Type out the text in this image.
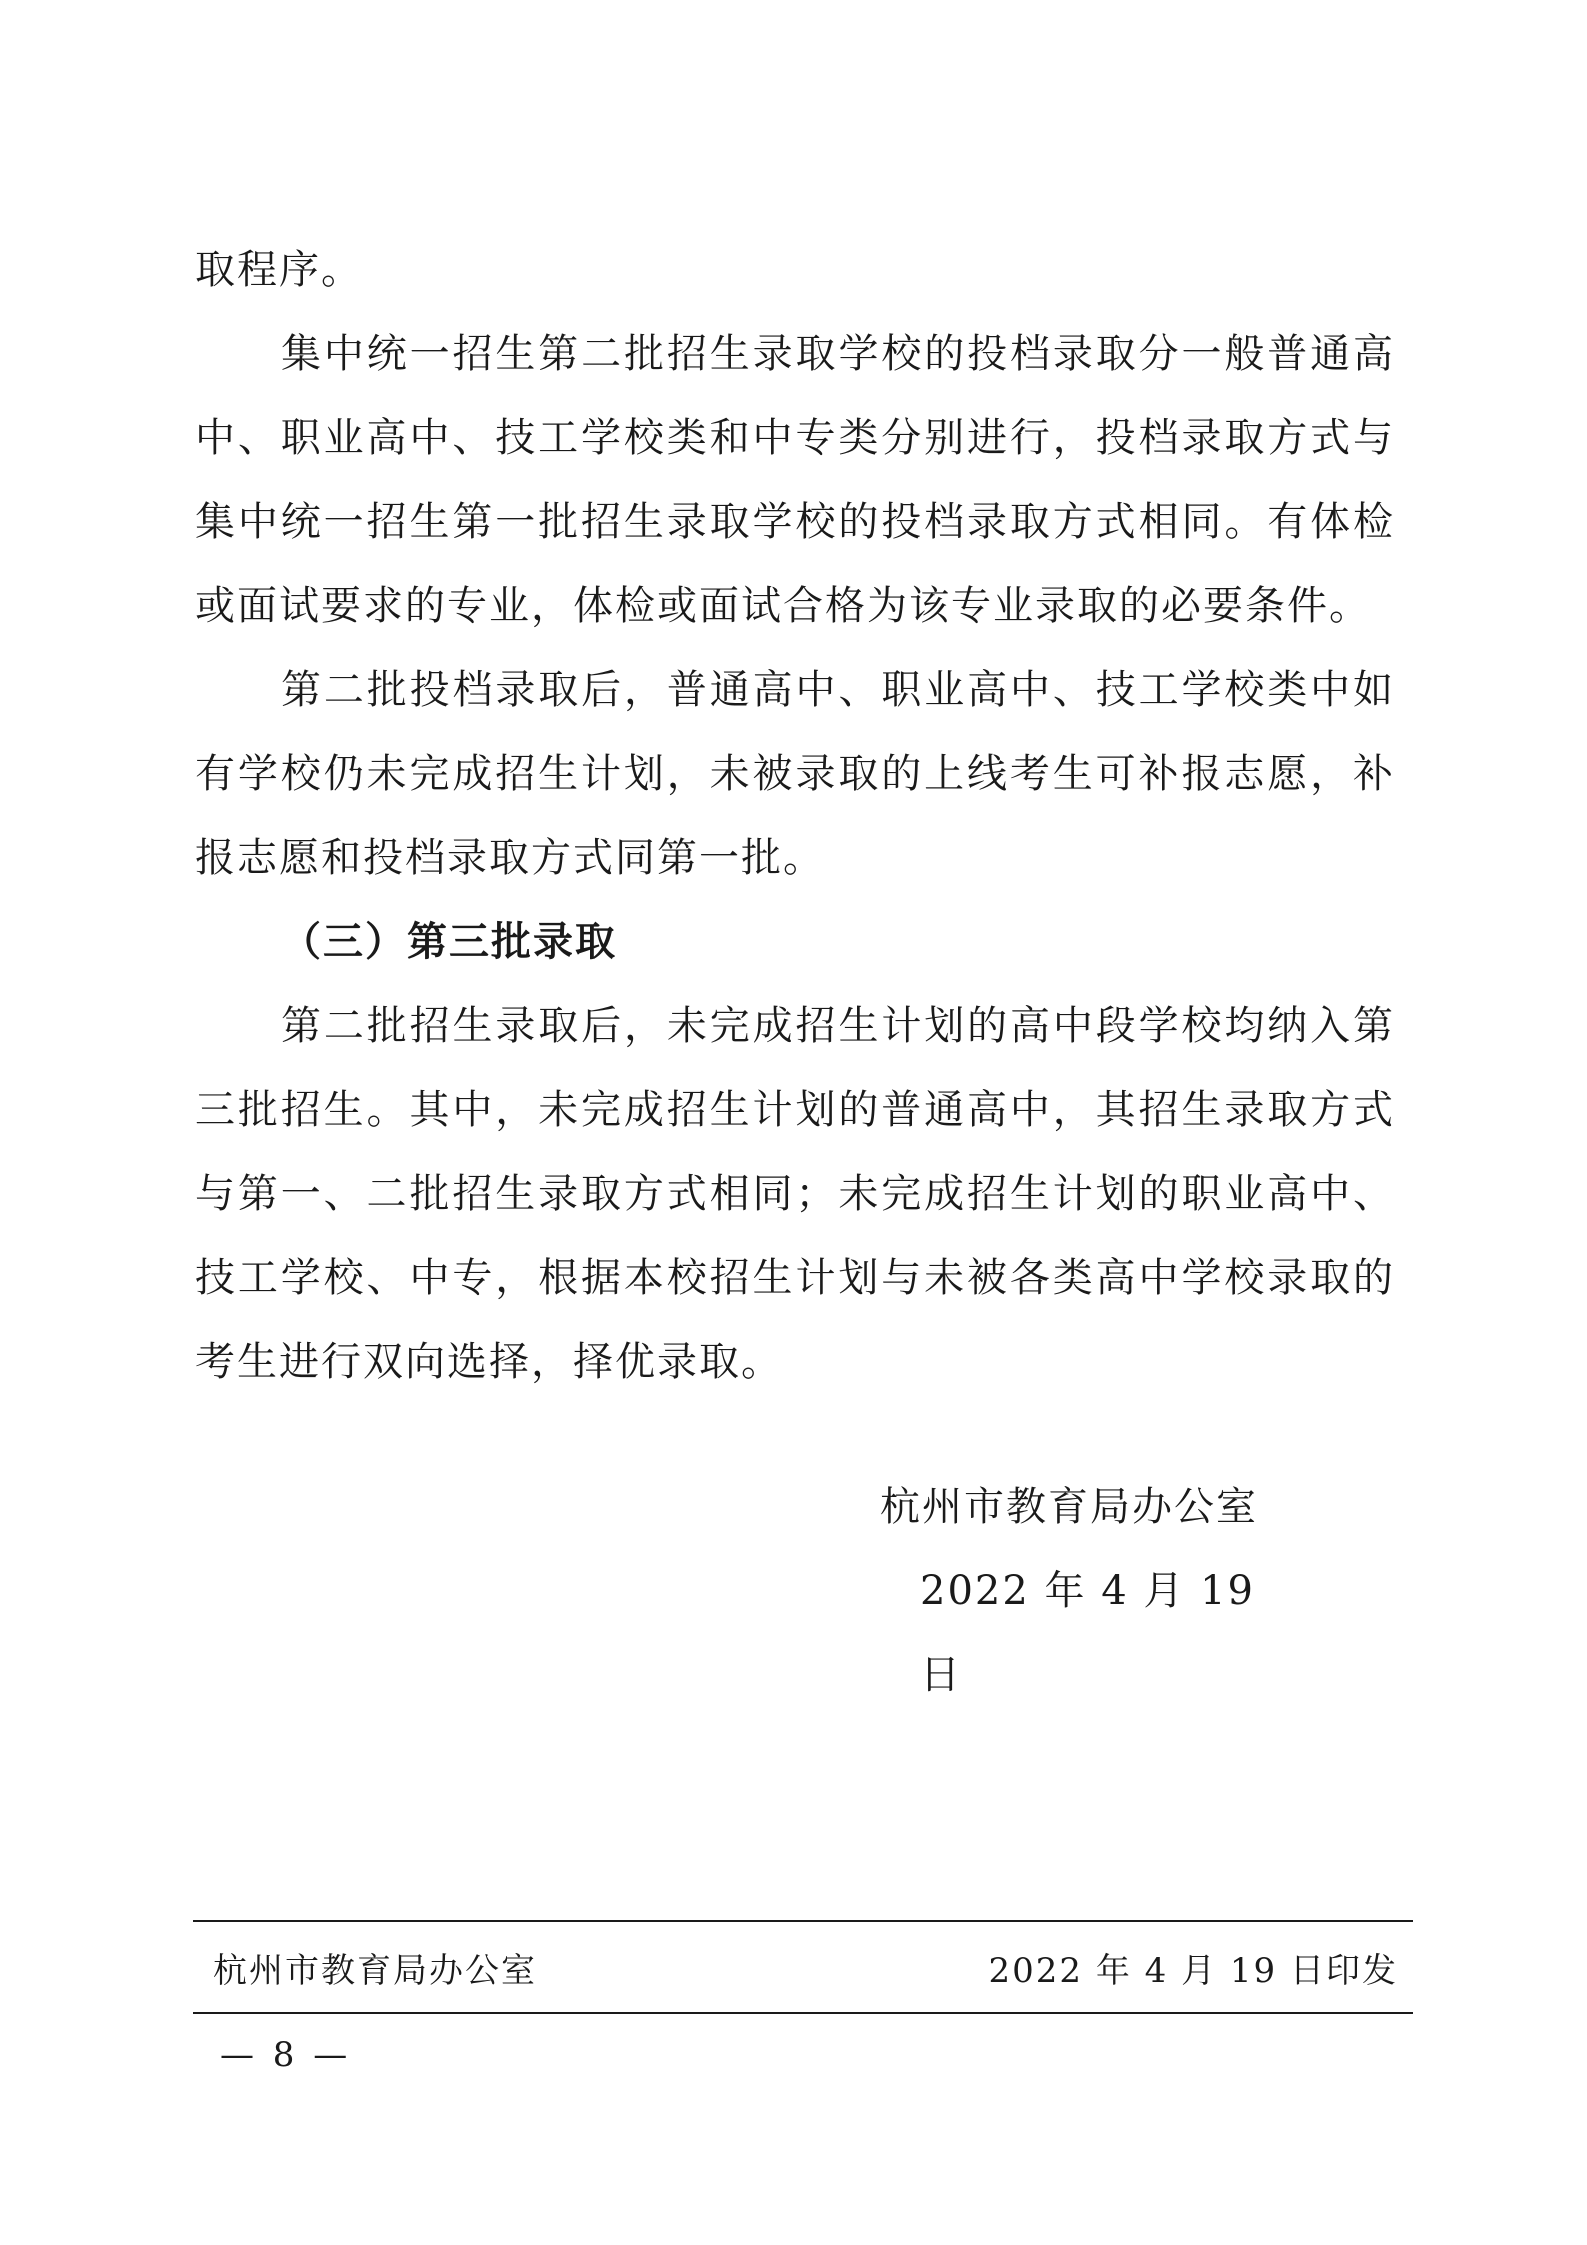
取程序。

集中统一招生第二批招生录取学校的投档录取分一般普通高中、职业高中、技工学校类和中专类分别进行，投档录取方式与集中统一招生第一批招生录取学校的投档录取方式相同。有体检或面试要求的专业，体检或面试合格为该专业录取的必要条件。

第二批投档录取后，普通高中、职业高中、技工学校类中如有学校仍未完成招生计划，未被录取的上线考生可补报志愿，补报志愿和投档录取方式同第一批。

（三）第三批录取

第二批招生录取后，未完成招生计划的高中段学校均纳入第三批招生。其中，未完成招生计划的普通高中，其招生录取方式与第一、二批招生录取方式相同；未完成招生计划的职业高中、技工学校、中专，根据本校招生计划与未被各类高中学校录取的考生进行双向选择，择优录取。

杭州市教育局办公室

2022 年 4 月 19 日

杭州市教育局办公室	2022 年 4 月 19 日印发
— 8 —
